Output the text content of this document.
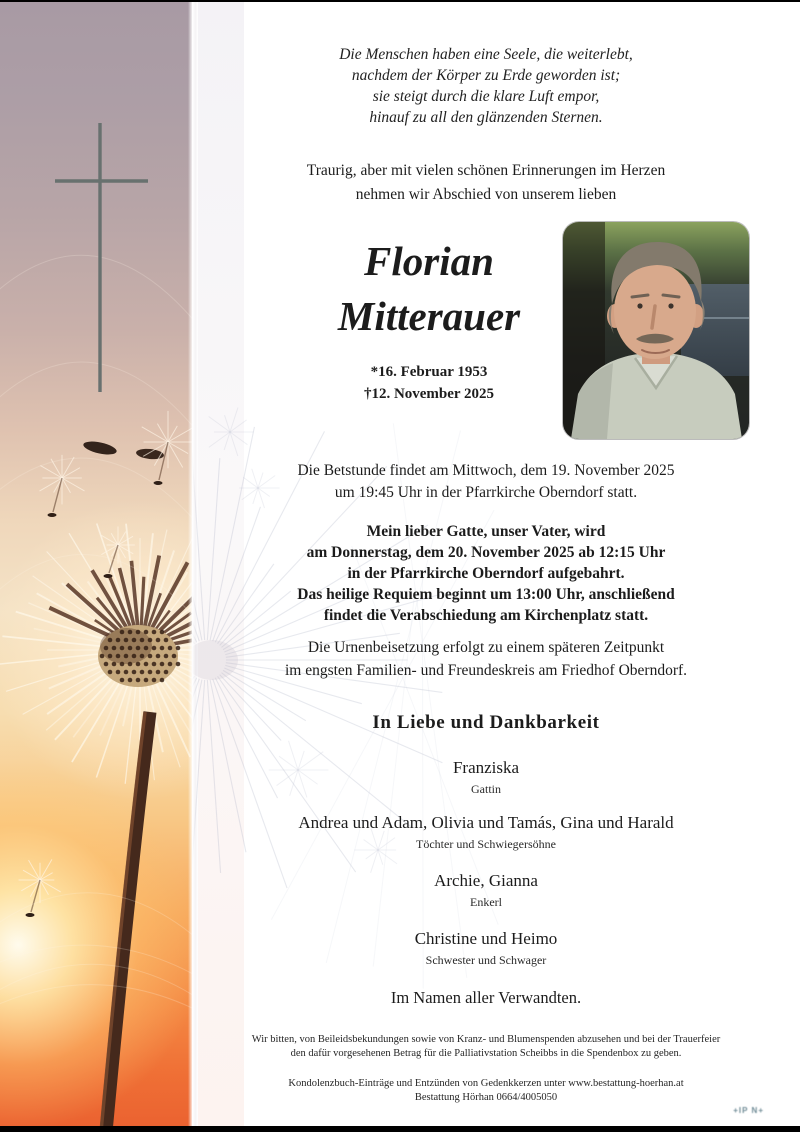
Die Menschen haben eine Seele, die weiterlebt,
nachdem der Körper zu Erde geworden ist;
sie steigt durch die klare Luft empor,
hinauf zu all den glänzenden Sternen.
Traurig, aber mit vielen schönen Erinnerungen im Herzen
nehmen wir Abschied von unserem lieben
Florian
Mitterauer
*16. Februar 1953
†12. November 2025
Die Betstunde findet am Mittwoch, dem 19. November 2025
um 19:45 Uhr in der Pfarrkirche Oberndorf statt.
Mein lieber Gatte, unser Vater, wird
am Donnerstag, dem 20. November 2025 ab 12:15 Uhr
in der Pfarrkirche Oberndorf aufgebahrt.
Das heilige Requiem beginnt um 13:00 Uhr, anschließend
findet die Verabschiedung am Kirchenplatz statt.
Die Urnenbeisetzung erfolgt zu einem späteren Zeitpunkt
im engsten Familien- und Freundeskreis am Friedhof Oberndorf.
In Liebe und Dankbarkeit
Franziska
Gattin
Andrea und Adam, Olivia und Tamás, Gina und Harald
Töchter und Schwiegersöhne
Archie, Gianna
Enkerl
Christine und Heimo
Schwester und Schwager
Im Namen aller Verwandten.
Wir bitten, von Beileidsbekundungen sowie von Kranz- und Blumenspenden abzusehen und bei der Trauerfeier
den dafür vorgesehenen Betrag für die Palliativstation Scheibbs in die Spendenbox zu geben.
Kondolenzbuch-Einträge und Entzünden von Gedenkkerzen unter www.bestattung-hoerhan.at
Bestattung Hörhan 0664/4005050
+IP N+
